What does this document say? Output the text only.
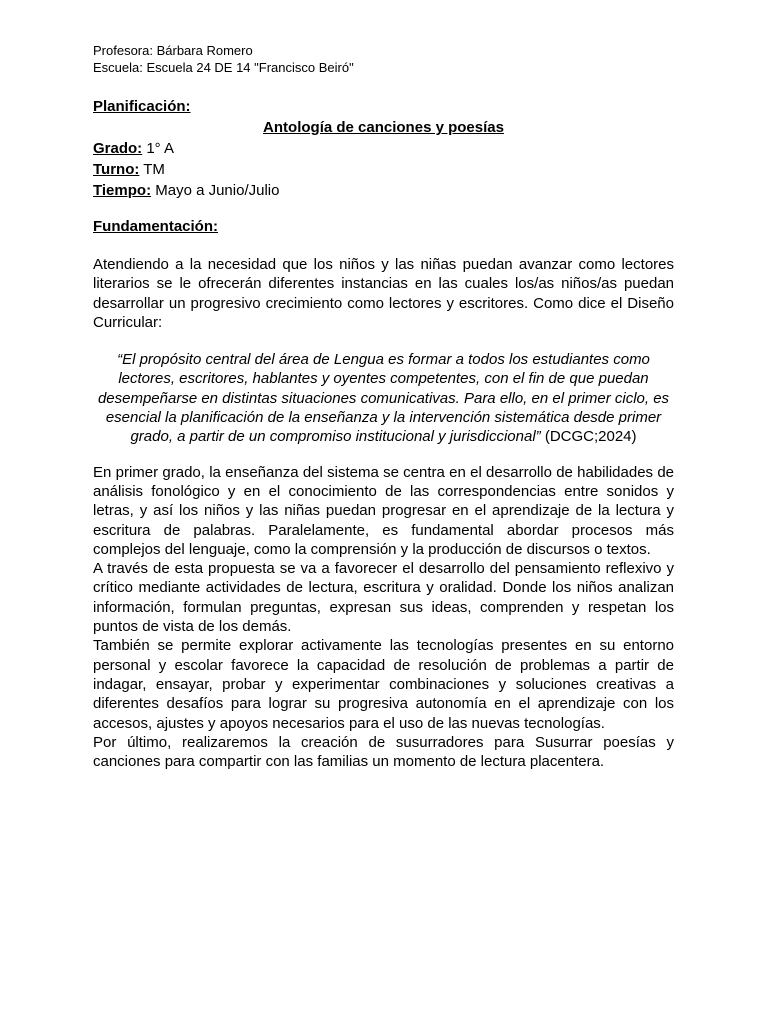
Profesora: Bárbara Romero
Escuela: Escuela 24 DE 14 "Francisco Beiró"
Planificación:
Antología de canciones y poesías
Grado: 1° A
Turno: TM
Tiempo: Mayo a Junio/Julio
Fundamentación:

Atendiendo a la necesidad que los niños y las niñas puedan avanzar como lectores literarios se le ofrecerán diferentes instancias en las cuales los/as niños/as puedan desarrollar un progresivo crecimiento como lectores y escritores. Como dice el Diseño Curricular:

“El propósito central del área de Lengua es formar a todos los estudiantes como lectores, escritores, hablantes y oyentes competentes, con el fin de que puedan desempeñarse en distintas situaciones comunicativas. Para ello, en el primer ciclo, es esencial la planificación de la enseñanza y la intervención sistemática desde primer grado, a partir de un compromiso institucional y jurisdiccional” (DCGC;2024)

En primer grado, la enseñanza del sistema se centra en el desarrollo de habilidades de análisis fonológico y en el conocimiento de las correspondencias entre sonidos y letras, y así los niños y las niñas puedan progresar en el aprendizaje de la lectura y escritura de palabras. Paralelamente, es fundamental abordar procesos más complejos del lenguaje, como la comprensión y la producción de discursos o textos.

A través de esta propuesta se va a favorecer el desarrollo del pensamiento reflexivo y crítico mediante actividades de lectura, escritura y oralidad. Donde los niños analizan información, formulan preguntas, expresan sus ideas, comprenden y respetan los puntos de vista de los demás.

También se permite explorar activamente las tecnologías presentes en su entorno personal y escolar favorece la capacidad de resolución de problemas a partir de indagar, ensayar, probar y experimentar combinaciones y soluciones creativas a diferentes desafíos para lograr su progresiva autonomía en el aprendizaje con los accesos, ajustes y apoyos necesarios para el uso de las nuevas tecnologías.

Por último, realizaremos la creación de susurradores para Susurrar poesías y canciones para compartir con las familias un momento de lectura placentera.
